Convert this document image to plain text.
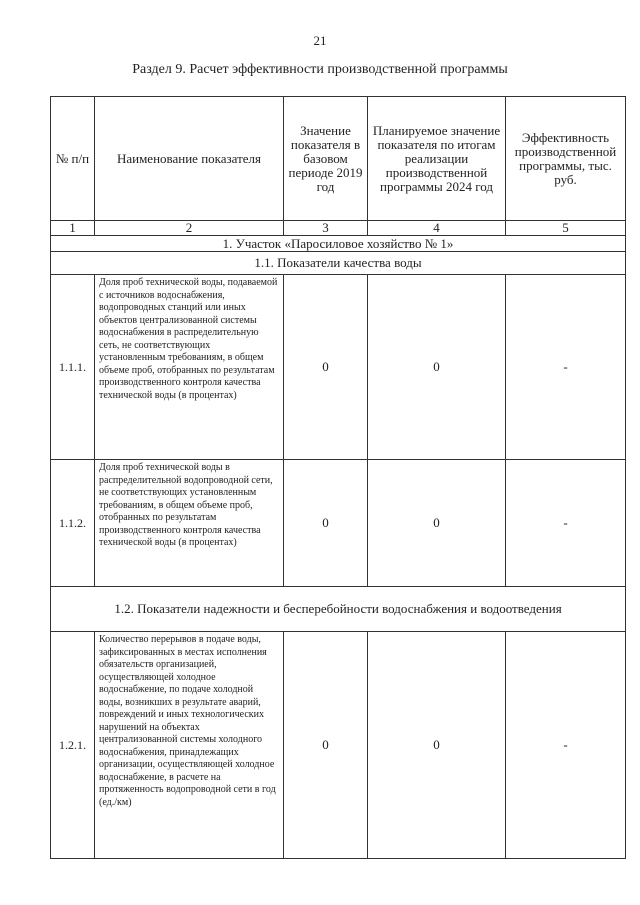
21
Раздел 9. Расчет эффективности производственной программы
№ п/п	Наименование показателя	Значение показателя в базовом периоде 2019 год	Планируемое значение показателя по итогам реализации производственной программы 2024 год	Эффективность производственной программы, тыс. руб.
1	2	3	4	5
1. Участок «Паросиловое хозяйство № 1»				
1.1. Показатели качества воды				
1.1.1.	Доля проб технической воды, подаваемой с источников водоснабжения, водопроводных станций или иных объектов централизованной системы водоснабжения в распределительную сеть, не соответствующих установленным требованиям, в общем объеме проб, отобранных по результатам производственного контроля качества технической воды (в процентах)	0	0	-
1.1.2.	Доля проб технической воды в распределительной водопроводной сети, не соответствующих установленным требованиям, в общем объеме проб, отобранных по результатам производственного контроля качества технической воды (в процентах)	0	0	-
1.2. Показатели надежности и бесперебойности водоснабжения и водоотведения				
1.2.1.	Количество перерывов в подаче воды, зафиксированных в местах исполнения обязательств организацией, осуществляющей холодное водоснабжение, по подаче холодной воды, возникших в результате аварий, повреждений и иных технологических нарушений на объектах централизованной системы холодного водоснабжения, принадлежащих организации, осуществляющей холодное водоснабжение, в расчете на протяженность водопроводной сети в год (ед./км)	0	0	-
